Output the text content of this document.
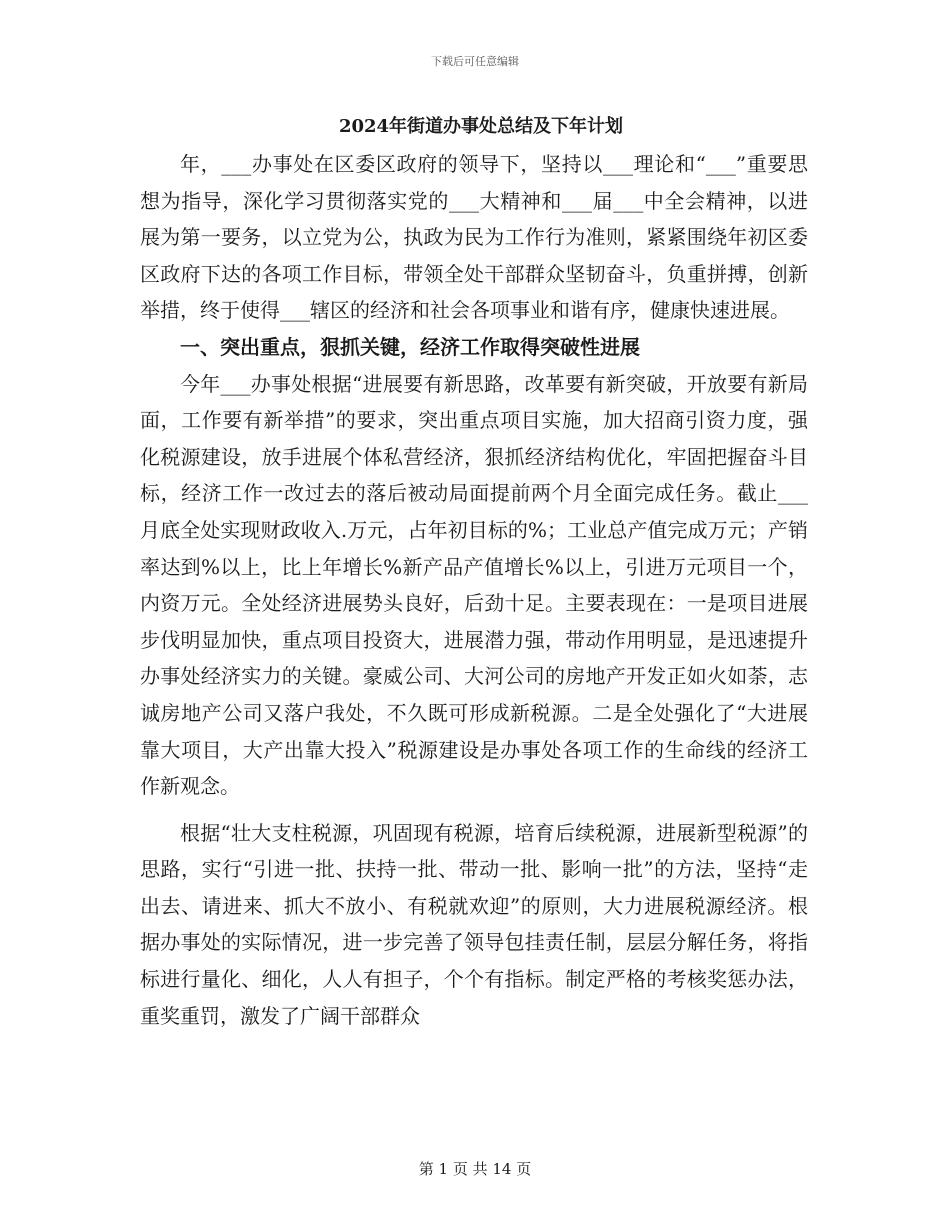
下载后可任意编辑
2024年街道办事处总结及下年计划

年，___办事处在区委区政府的领导下，坚持以___理论和“___”重要思想为指导，深化学习贯彻落实党的___大精神和___届___中全会精神，以进展为第一要务，以立党为公，执政为民为工作行为准则，紧紧围绕年初区委区政府下达的各项工作目标，带领全处干部群众坚韧奋斗，负重拼搏，创新举措，终于使得___辖区的经济和社会各项事业和谐有序，健康快速进展。

一、突出重点，狠抓关键，经济工作取得突破性进展

今年___办事处根据“进展要有新思路，改革要有新突破，开放要有新局面，工作要有新举措”的要求，突出重点项目实施，加大招商引资力度，强化税源建设，放手进展个体私营经济，狠抓经济结构优化，牢固把握奋斗目标，经济工作一改过去的落后被动局面提前两个月全面完成任务。截止___月底全处实现财政收入.万元，占年初目标的%；工业总产值完成万元；产销率达到%以上，比上年增长%新产品产值增长%以上，引进万元项目一个，内资万元。全处经济进展势头良好，后劲十足。主要表现在：一是项目进展步伐明显加快，重点项目投资大，进展潜力强，带动作用明显，是迅速提升办事处经济实力的关键。豪威公司、大河公司的房地产开发正如火如荼，志诚房地产公司又落户我处，不久既可形成新税源。二是全处强化了“大进展靠大项目，大产出靠大投入”税源建设是办事处各项工作的生命线的经济工作新观念。

根据“壮大支柱税源，巩固现有税源，培育后续税源，进展新型税源”的思路，实行“引进一批、扶持一批、带动一批、影响一批”的方法，坚持“走出去、请进来、抓大不放小、有税就欢迎”的原则，大力进展税源经济。根据办事处的实际情况，进一步完善了领导包挂责任制，层层分解任务，将指标进行量化、细化，人人有担子，个个有指标。制定严格的考核奖惩办法，重奖重罚，激发了广阔干部群众

第 1 页 共 14 页
